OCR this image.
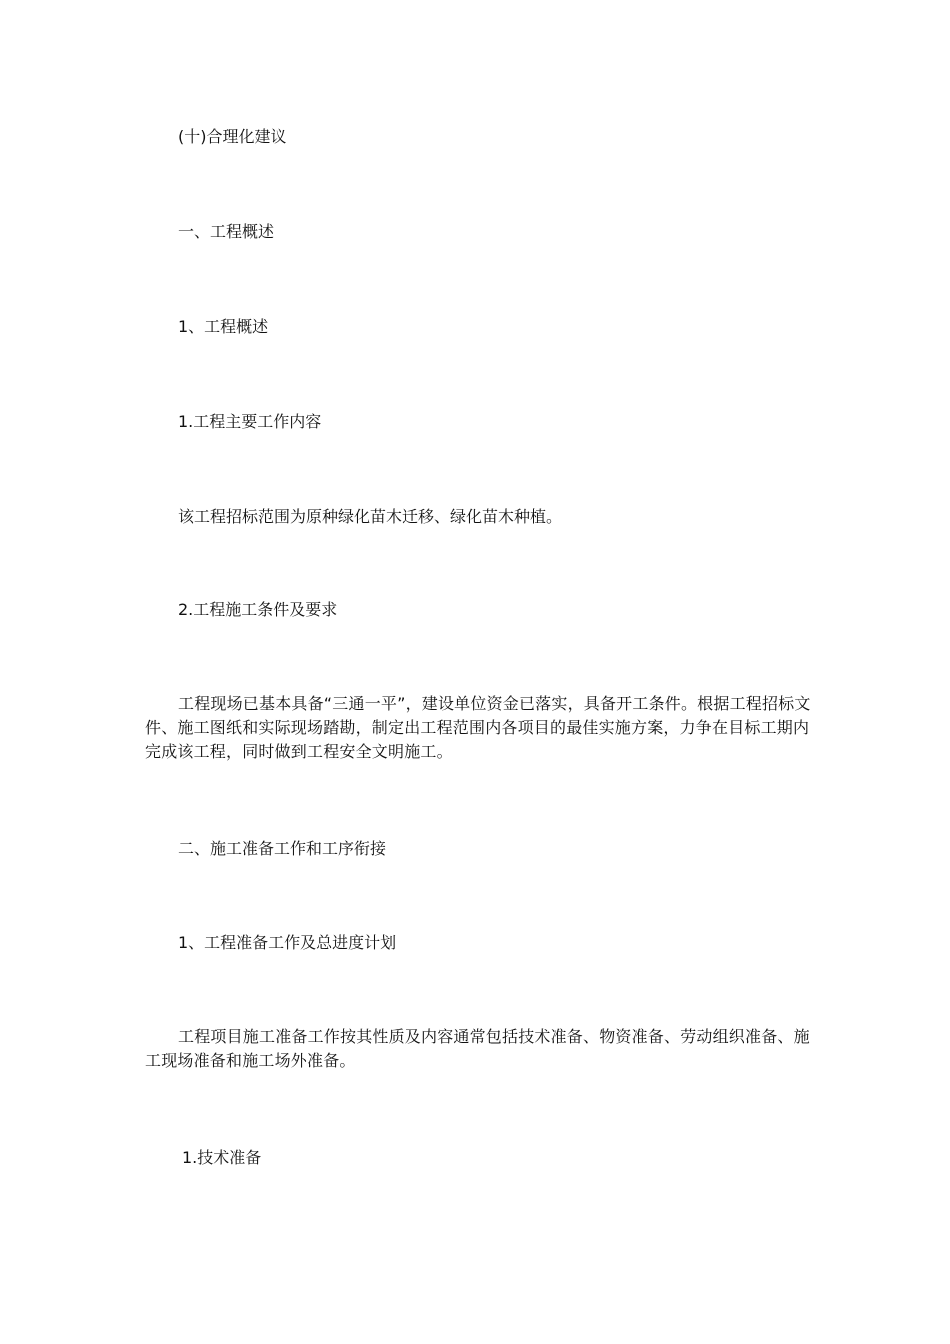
(十)合理化建议
一、工程概述
1、工程概述
1.工程主要工作内容
该工程招标范围为原种绿化苗木迁移、绿化苗木种植。
2.工程施工条件及要求
工程现场已基本具备“三通一平”，建设单位资金已落实，具备开工条件。根据工程招标文件、施工图纸和实际现场踏勘，制定出工程范围内各项目的最佳实施方案，力争在目标工期内完成该工程，同时做到工程安全文明施工。
二、施工准备工作和工序衔接
1、工程准备工作及总进度计划
工程项目施工准备工作按其性质及内容通常包括技术准备、物资准备、劳动组织准备、施工现场准备和施工场外准备。
1.技术准备
